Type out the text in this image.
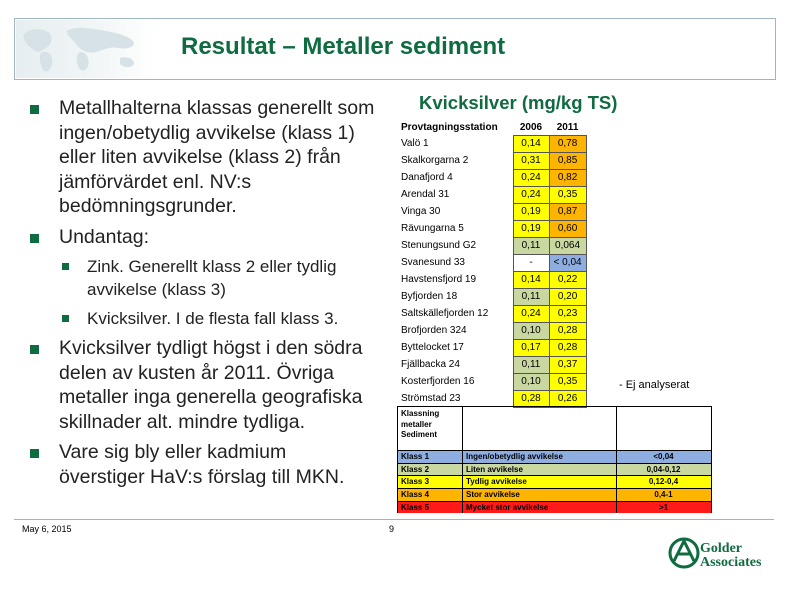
Resultat – Metaller sediment
Metallhalterna klassas generellt som ingen/obetydlig avvikelse (klass 1) eller liten avvikelse (klass 2) från jämförvärdet enl. NV:s bedömningsgrunder.
Undantag:
Zink. Generellt klass 2 eller tydlig avvikelse (klass 3)
Kvicksilver. I de flesta fall klass 3.
Kvicksilver tydligt högst i den södra delen av kusten år 2011. Övriga metaller inga generella geografiska skillnader alt. mindre tydliga.
Vare sig bly eller kadmium överstiger HaV:s förslag till MKN.
Kvicksilver (mg/kg TS)
Provtagningsstation	2006	2011
Valö 1	0,14	0,78
Skalkorgarna 2	0,31	0,85
Danafjord 4	0,24	0,82
Arendal 31	0,24	0,35
Vinga 30	0,19	0,87
Rävungarna 5	0,19	0,60
Stenungsund G2	0,11	0,064
Svanesund 33	-	< 0,04
Havstensfjord 19	0,14	0,22
Byfjorden 18	0,11	0,20
Saltskällefjorden 12	0,24	0,23
Brofjorden 324	0,10	0,28
Byttelocket 17	0,17	0,28
Fjällbacka 24	0,11	0,37
Kosterfjorden 16	0,10	0,35
Strömstad 23	0,28	0,26
- Ej analyserat
Klassning metaller Sediment
Klass 1	Ingen/obetydlig avvikelse	<0,04
Klass 2	Liten avvikelse	0,04-0,12
Klass 3	Tydlig avvikelse	0,12-0,4
Klass 4	Stor avvikelse	0,4-1
Klass 5	Mycket stor avvikelse	>1
May 6, 2015	9
Golder
Associates
